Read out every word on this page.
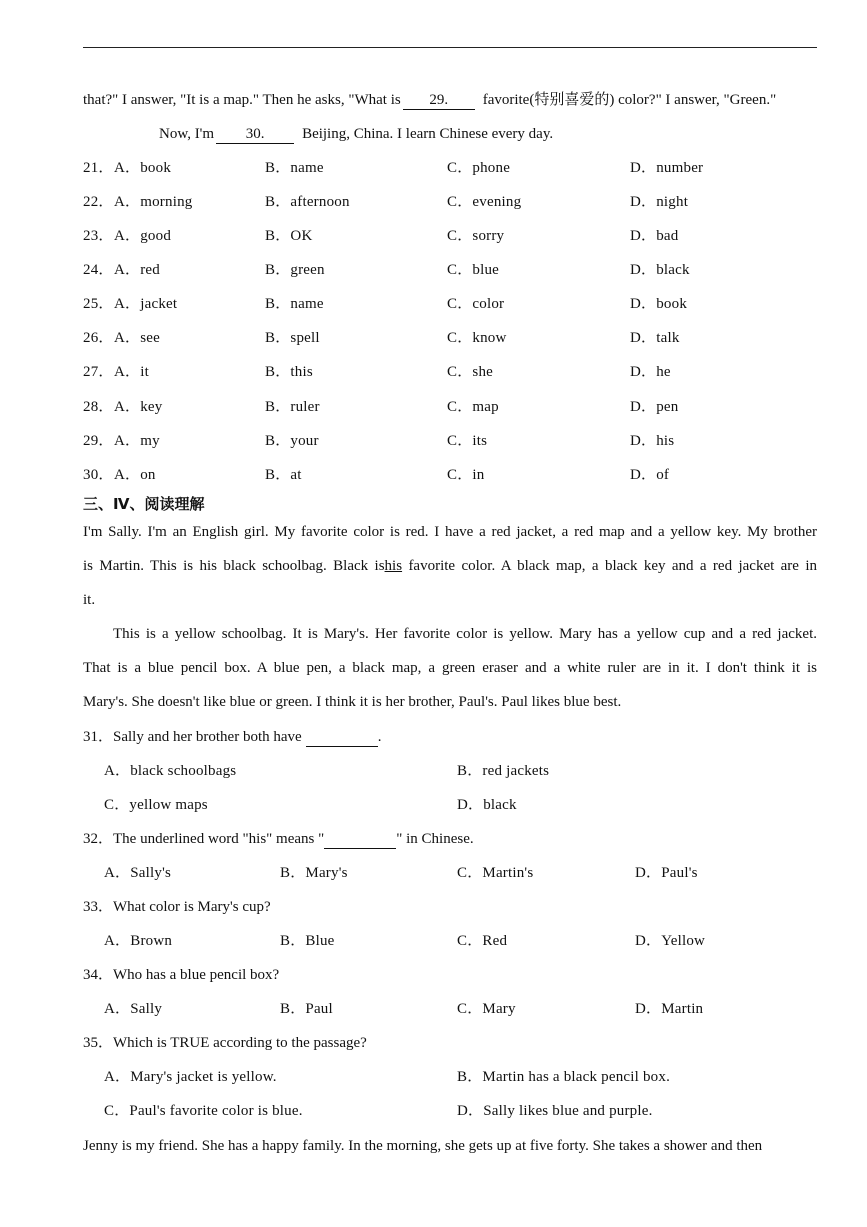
that?" I answer, "It is a map." Then he asks, "What is 29. favorite(特别喜爱的) color?" I answer, "Green."
Now, I'm 30.	Beijing, China. I learn Chinese every day.
21． A．book	B．name	C．phone	D．number
22． A．morning	B．afternoon	C．evening	D．night
23． A．good	B．OK	C．sorry	D．bad
24． A．red	B．green	C．blue	D．black
25． A．jacket	B．name	C．color	D．book
26． A．see	B．spell	C．know	D．talk
27． A．it	B．this	C．she	D．he
28． A．key	B．ruler	C．map	D．pen
29． A．my	B．your	C．its	D．his
30． A．on	B．at	C．in	D．of
三、Ⅳ、阅读理解
I'm Sally. I'm an English girl. My favorite color is red. I have a red jacket, a red map and a yellow key. My brother
is Martin. This is his black schoolbag. Black ishis favorite color. A black map, a black key and a red jacket are in
it.
This is a yellow schoolbag. It is Mary's. Her favorite color is yellow. Mary has a yellow cup and a red jacket.
That is a blue pencil box. A blue pen, a black map, a green eraser and a white ruler are in it. I don't think it is
Mary's. She doesn't like blue or green. I think it is her brother, Paul's. Paul likes blue best.
31．Sally and her brother both have	.
A．black schoolbags	B．red jackets
C．yellow maps	D．black
32．The underlined word "his" means "	" in Chinese.
A．Sally's	B．Mary's	C．Martin's	D．Paul's
33．What color is Mary's cup?
A．Brown	B．Blue	C．Red	D．Yellow
34．Who has a blue pencil box?
A．Sally	B．Paul	C．Mary	D．Martin
35．Which is TRUE according to the passage?
A．Mary's jacket is yellow.	B．Martin has a black pencil box.
C．Paul's favorite color is blue.	D．Sally likes blue and purple.
Jenny is my friend. She has a happy family. In the morning, she gets up at five forty. She takes a shower and then
